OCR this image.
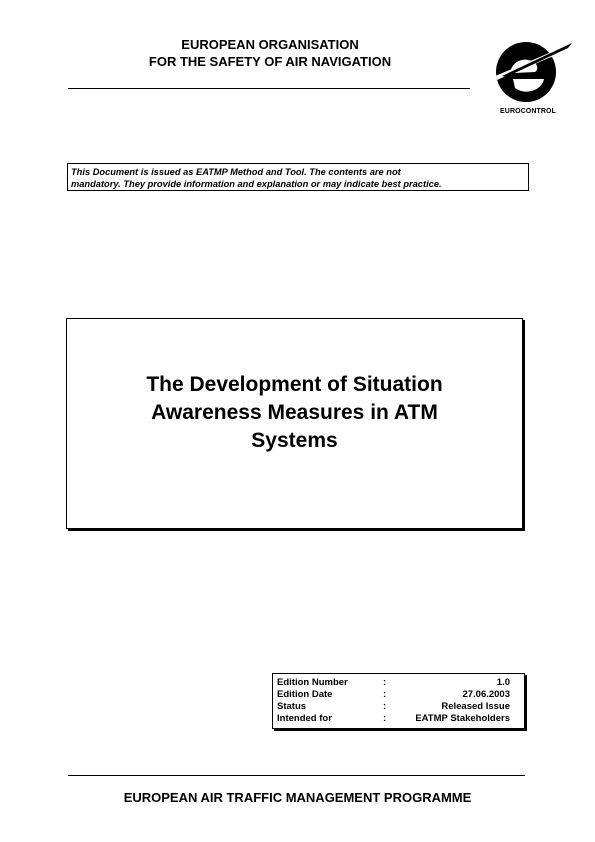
EUROPEAN ORGANISATION
FOR THE SAFETY OF AIR NAVIGATION
EUROCONTROL
This Document is issued as EATMP Method and Tool. The contents are not
mandatory. They provide information and explanation or may indicate best practice.
The Development of Situation
Awareness Measures in ATM
Systems
Edition Number	:	1.0
Edition Date	:	27.06.2003
Status	:	Released Issue
Intended for	:	EATMP Stakeholders
EUROPEAN AIR TRAFFIC MANAGEMENT PROGRAMME
